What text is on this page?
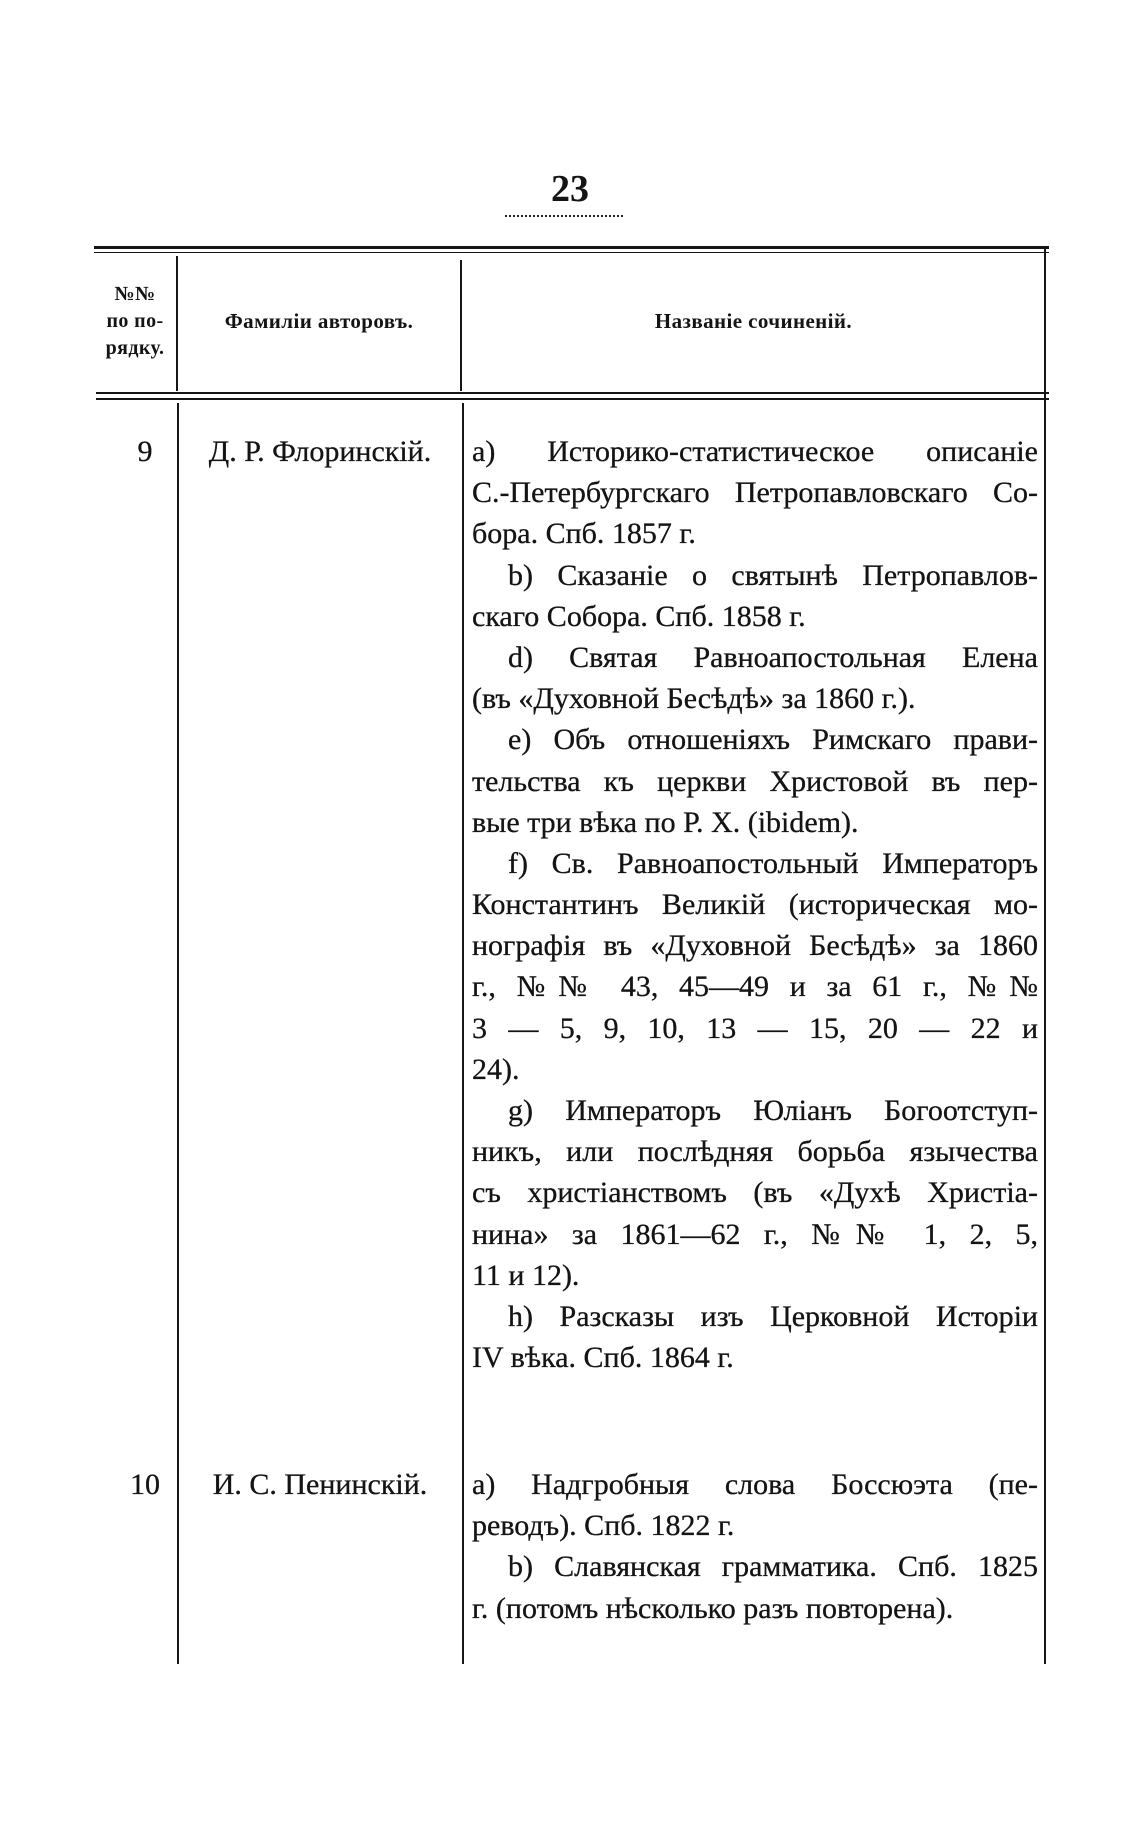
23
№№
по по-
рядку.
Фамиліи авторовъ.	Названіе сочиненій.
9	Д. Р. Флоринскій.	a) Историко-статистическое описаніе
С.-Петербургскаго Петропавловскаго Со-
бора. Спб. 1857 г.
b) Сказаніе о святынѣ Петропавлов-
скаго Собора. Спб. 1858 г.
d) Святая Равноапостольная Елена
(въ «Духовной Бесѣдѣ» за 1860 г.).
e) Объ отношеніяхъ Римскаго прави-
тельства къ церкви Христовой въ пер-
вые три вѣка по Р. Х. (ibidem).
f) Св. Равноапостольный Императоръ
Константинъ Великій (историческая мо-
нографія въ «Духовной Бесѣдѣ» за 1860
г., №№ 43, 45—49 и за 61 г., №№
3 — 5, 9, 10, 13 — 15, 20 — 22 и
24).
g) Императоръ Юліанъ Богоотступ-
никъ, или послѣдняя борьба язычества
съ христіанствомъ (въ «Духѣ Христіа-
нина» за 1861—62 г., №№ 1, 2, 5,
11 и 12).
h) Разсказы изъ Церковной Исторіи
IV вѣка. Спб. 1864 г.
10	И. С. Пенинскій.	a) Надгробныя слова Боссюэта (пе-
реводъ). Спб. 1822 г.
b) Славянская грамматика. Спб. 1825
г. (потомъ нѣсколько разъ повторена).
